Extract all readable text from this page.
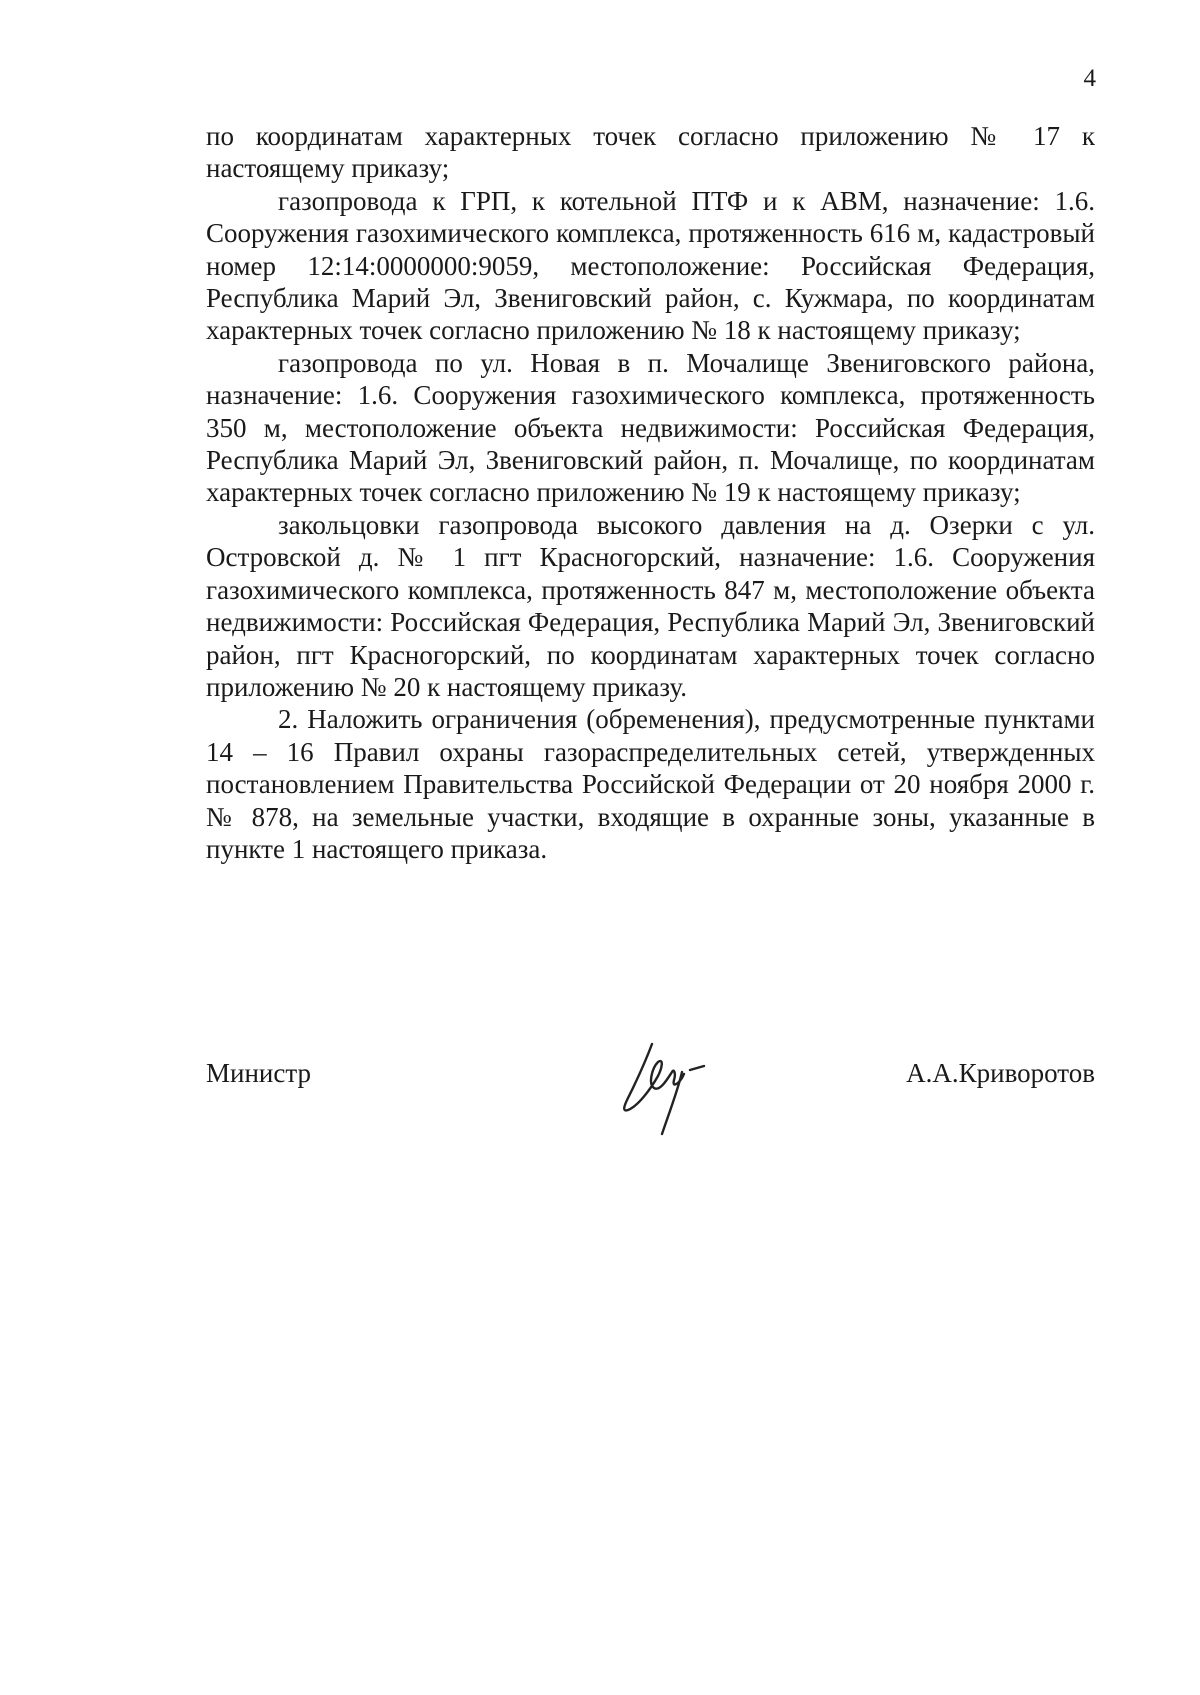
4

по координатам характерных точек согласно приложению № 17 к настоящему приказу;

газопровода к ГРП, к котельной ПТФ и к АВМ, назначение: 1.6. Сооружения газохимического комплекса, протяженность 616 м, кадастровый номер 12:14:0000000:9059, местоположение: Российская Федерация, Республика Марий Эл, Звениговский район, с. Кужмара, по координатам характерных точек согласно приложению № 18 к настоящему приказу;

газопровода по ул. Новая в п. Мочалище Звениговского района, назначение: 1.6. Сооружения газохимического комплекса, протяженность 350 м, местоположение объекта недвижимости: Российская Федерация, Республика Марий Эл, Звениговский район, п. Мочалище, по координатам характерных точек согласно приложению № 19 к настоящему приказу;

закольцовки газопровода высокого давления на д. Озерки с ул. Островской д. № 1 пгт Красногорский, назначение: 1.6. Сооружения газохимического комплекса, протяженность 847 м, местоположение объекта недвижимости: Российская Федерация, Республика Марий Эл, Звениговский район, пгт Красногорский, по координатам характерных точек согласно приложению № 20 к настоящему приказу.

2. Наложить ограничения (обременения), предусмотренные пунктами 14 – 16 Правил охраны газораспределительных сетей, утвержденных постановлением Правительства Российской Федерации от 20 ноября 2000 г. № 878, на земельные участки, входящие в охранные зоны, указанные в пункте 1 настоящего приказа.

Министр	А.А.Криворотов
